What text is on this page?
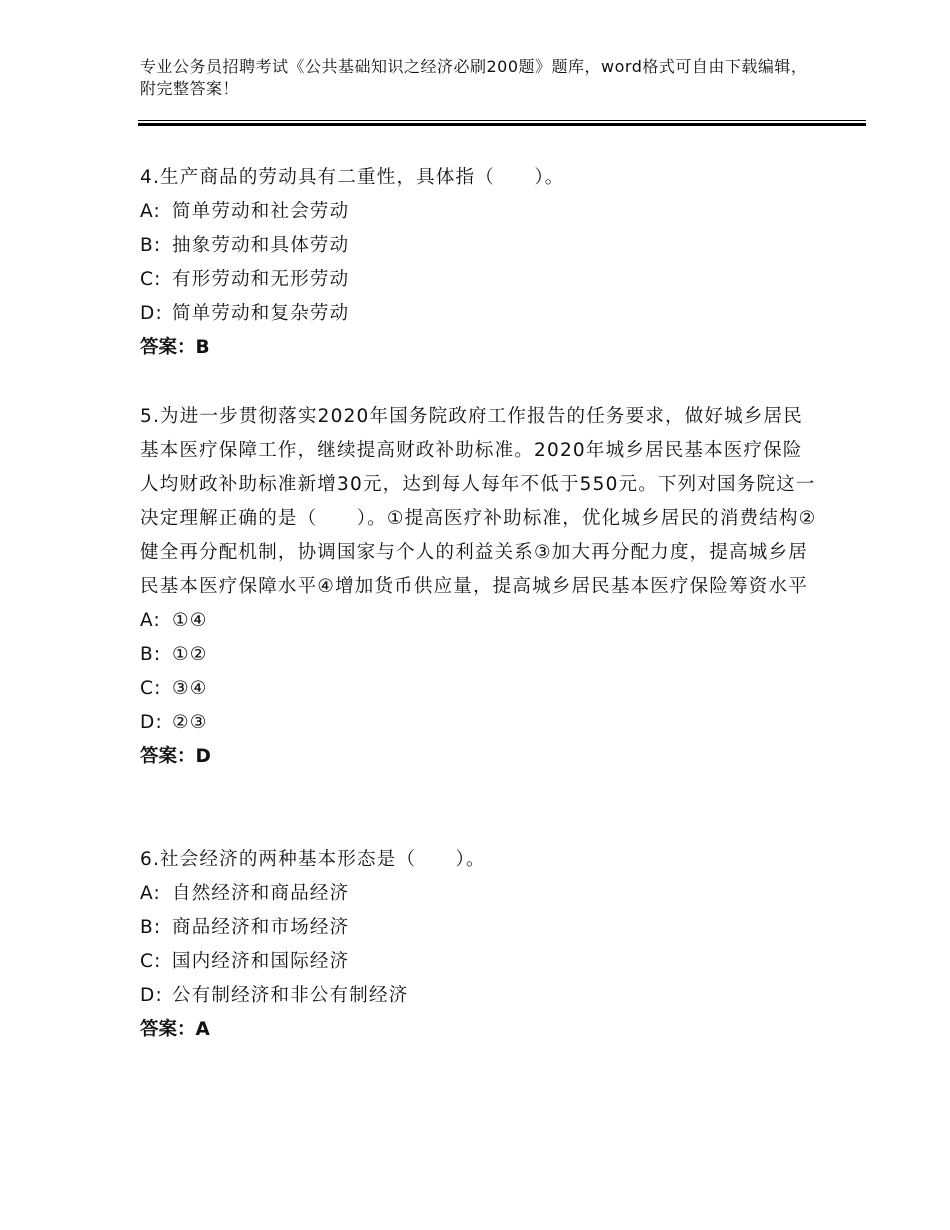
专业公务员招聘考试《公共基础知识之经济必刷200题》题库，word格式可自由下载编辑，附完整答案！

4.生产商品的劳动具有二重性，具体指（　　）。

A: 简单劳动和社会劳动

B: 抽象劳动和具体劳动

C: 有形劳动和无形劳动

D: 简单劳动和复杂劳动

答案：B

5.为进一步贯彻落实2020年国务院政府工作报告的任务要求，做好城乡居民基本医疗保障工作，继续提高财政补助标准。2020年城乡居民基本医疗保险人均财政补助标准新增30元，达到每人每年不低于550元。下列对国务院这一决定理解正确的是（　　）。①提高医疗补助标准，优化城乡居民的消费结构②健全再分配机制，协调国家与个人的利益关系③加大再分配力度，提高城乡居民基本医疗保障水平④增加货币供应量，提高城乡居民基本医疗保险筹资水平

A: ①④

B: ①②

C: ③④

D: ②③

答案：D

6.社会经济的两种基本形态是（　　）。

A: 自然经济和商品经济

B: 商品经济和市场经济

C: 国内经济和国际经济

D: 公有制经济和非公有制经济

答案：A
